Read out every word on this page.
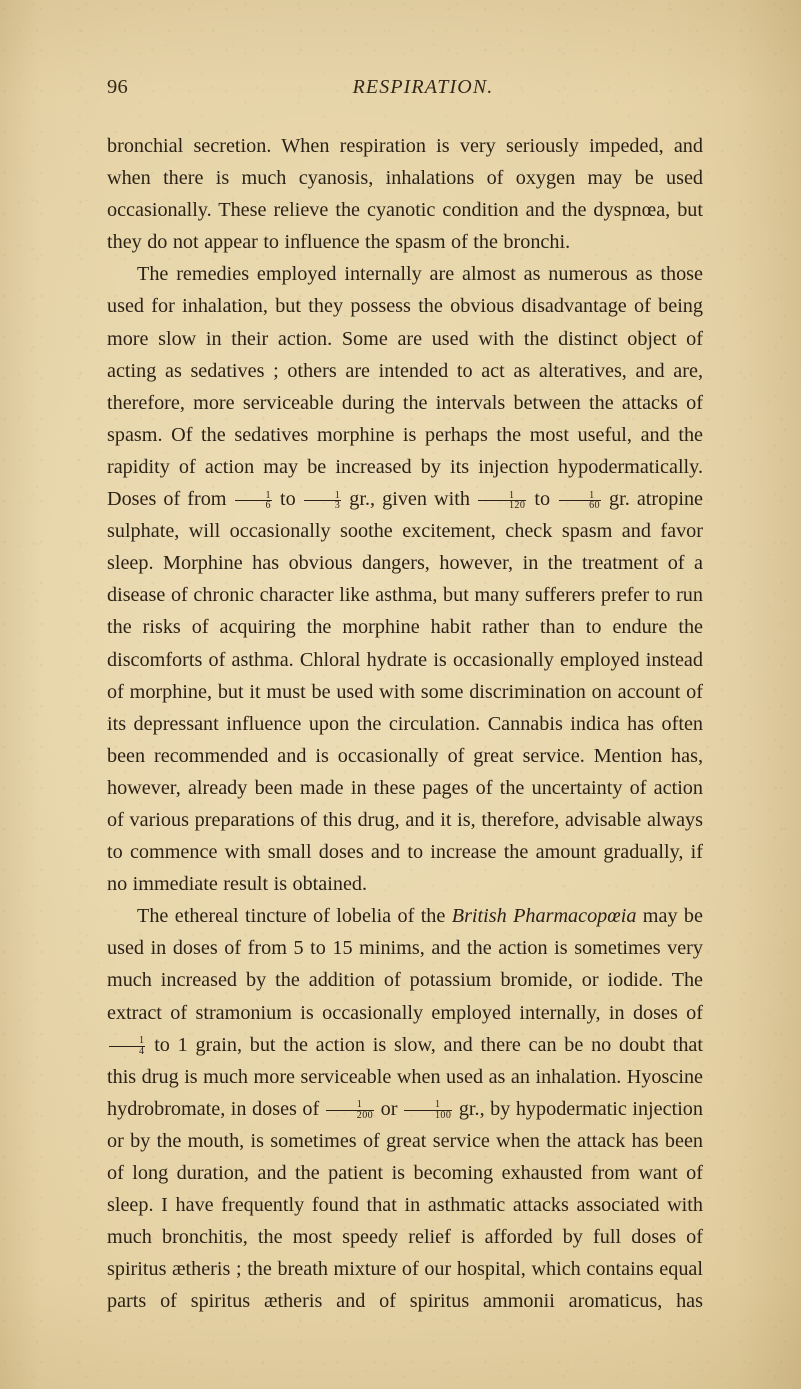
96	RESPIRATION.

bronchial secretion. When respiration is very seriously impeded, and when there is much cyanosis, inhalations of oxygen may be used occasionally. These relieve the cyanotic condition and the dyspnœa, but they do not appear to influence the spasm of the bronchi.

The remedies employed internally are almost as numerous as those used for inhalation, but they possess the obvious disadvantage of being more slow in their action. Some are used with the distinct object of acting as sedatives ; others are intended to act as alteratives, and are, therefore, more serviceable during the intervals between the attacks of spasm. Of the sedatives morphine is perhaps the most useful, and the rapidity of action may be increased by its injection hypodermatically. Doses of from $\frac{1}{6}$ to $\frac{1}{3}$ gr., given with $\frac{1}{120}$ to $\frac{1}{60}$ gr. atropine sulphate, will occasionally soothe excitement, check spasm and favor sleep. Morphine has obvious dangers, however, in the treatment of a disease of chronic character like asthma, but many sufferers prefer to run the risks of acquiring the morphine habit rather than to endure the discomforts of asthma. Chloral hydrate is occasionally employed instead of morphine, but it must be used with some discrimination on account of its depressant influence upon the circulation. Cannabis indica has often been recommended and is occasionally of great service. Mention has, however, already been made in these pages of the uncertainty of action of various preparations of this drug, and it is, therefore, advisable always to commence with small doses and to increase the amount gradually, if no immediate result is obtained.

The ethereal tincture of lobelia of the British Pharmacopœia may be used in doses of from 5 to 15 minims, and the action is sometimes very much increased by the addition of potassium bromide, or iodide. The extract of stramonium is occasionally employed internally, in doses of
$\frac{1}{4}$ to 1 grain, but the action is slow, and there can be no doubt that this drug is much more serviceable when used as an inhalation. Hyoscine hydrobromate, in doses of $\frac{1}{200}$ or $\frac{1}{100}$ gr., by hypodermatic injection or by the mouth, is sometimes of great service when the attack has been of long duration, and the patient is becoming exhausted from want of sleep. I have frequently found that in asthmatic attacks associated with much bronchitis, the most speedy relief is afforded by full doses of spiritus ætheris ; the breath mixture of our hospital, which contains equal parts of spiritus ætheris and of spiritus ammonii aromaticus, has
